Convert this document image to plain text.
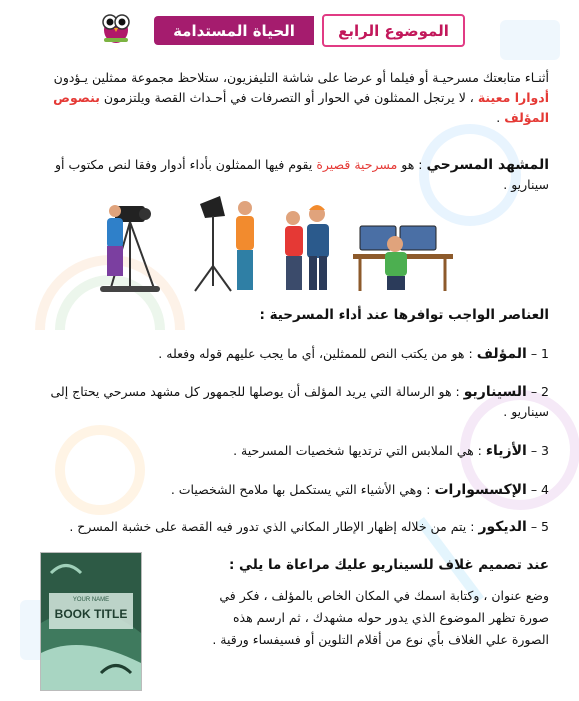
الحياة المستدامة	الموضوع الرابع
أثنـاء متابعتك مسرحيـة أو فيلما أو عرضا على شاشة التليفزيون، ستلاحظ مجموعة ممثلين يـؤدون أدوارا معينة ، لا يرتجل الممثلون في الحوار أو التصرفات في أحـداث القصة ويلتزمون بنصوص المؤلف .
المشهد المسرحي : هو مسرحية قصيرة يقوم فيها الممثلون بأداء أدوار وفقا لنص مكتوب أو سيناريو .
العناصر الواجب توافرها عند أداء المسرحية :
1 – المؤلف : هو من يكتب النص للممثلين، أي ما يجب عليهم قوله وفعله .
2 – السيناريو : هو الرسالة التي يريد المؤلف أن يوصلها للجمهور كل مشهد مسرحي يحتاج إلى سيناريو .
3 – الأزياء : هي الملابس التي ترتديها شخصيات المسرحية .
4 – الإكسسوارات : وهي الأشياء التي يستكمل بها ملامح الشخصيات .
5 – الديكور : يتم من خلاله إظهار الإطار المكاني الذي تدور فيه القصة على خشبة المسرح .
عند تصميم غلاف للسيناريو عليك مراعاة ما يلي :
وضع عنوان ، وكتابة اسمك في المكان الخاص بالمؤلف ، فكر في صورة تظهر الموضوع الذي يدور حوله مشهدك ، ثم ارسم هذه الصورة علي الغلاف بأي نوع من أقلام التلوين أو فسيفساء ورقية .
YOUR NAME
BOOK TITLE
